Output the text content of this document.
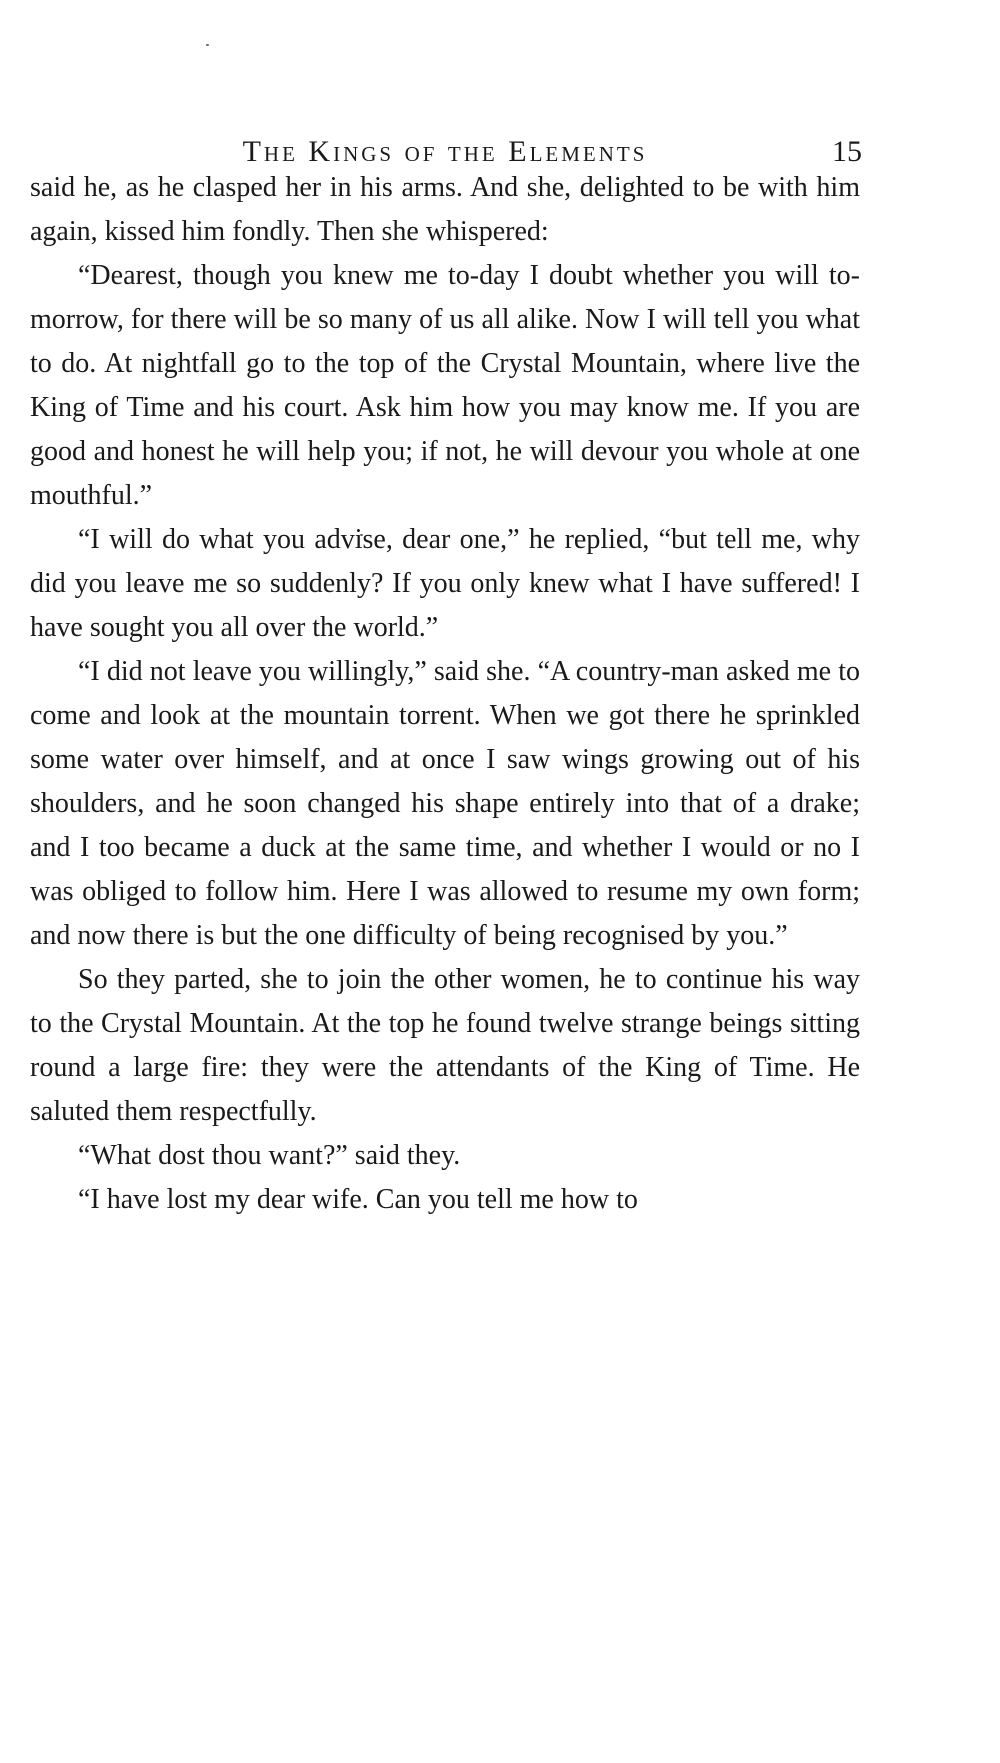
The Kings of the Elements	15

said he, as he clasped her in his arms. And she, delighted to be with him again, kissed him fondly. Then she whispered:

“Dearest, though you knew me to-day I doubt whether you will to-morrow, for there will be so many of us all alike. Now I will tell you what to do. At nightfall go to the top of the Crystal Mountain, where live the King of Time and his court. Ask him how you may know me. If you are good and honest he will help you; if not, he will devour you whole at one mouthful.”

“I will do what you advise, dear one,” he replied, “but tell me, why did you leave me so suddenly? If you only knew what I have suffered! I have sought you all over the world.”

“I did not leave you willingly,” said she. “A country-man asked me to come and look at the mountain torrent. When we got there he sprinkled some water over himself, and at once I saw wings growing out of his shoulders, and he soon changed his shape entirely into that of a drake; and I too became a duck at the same time, and whether I would or no I was obliged to follow him. Here I was allowed to resume my own form; and now there is but the one difficulty of being recognised by you.”

So they parted, she to join the other women, he to continue his way to the Crystal Mountain. At the top he found twelve strange beings sitting round a large fire: they were the attendants of the King of Time. He saluted them respectfully.

“What dost thou want?” said they.

“I have lost my dear wife. Can you tell me how to
